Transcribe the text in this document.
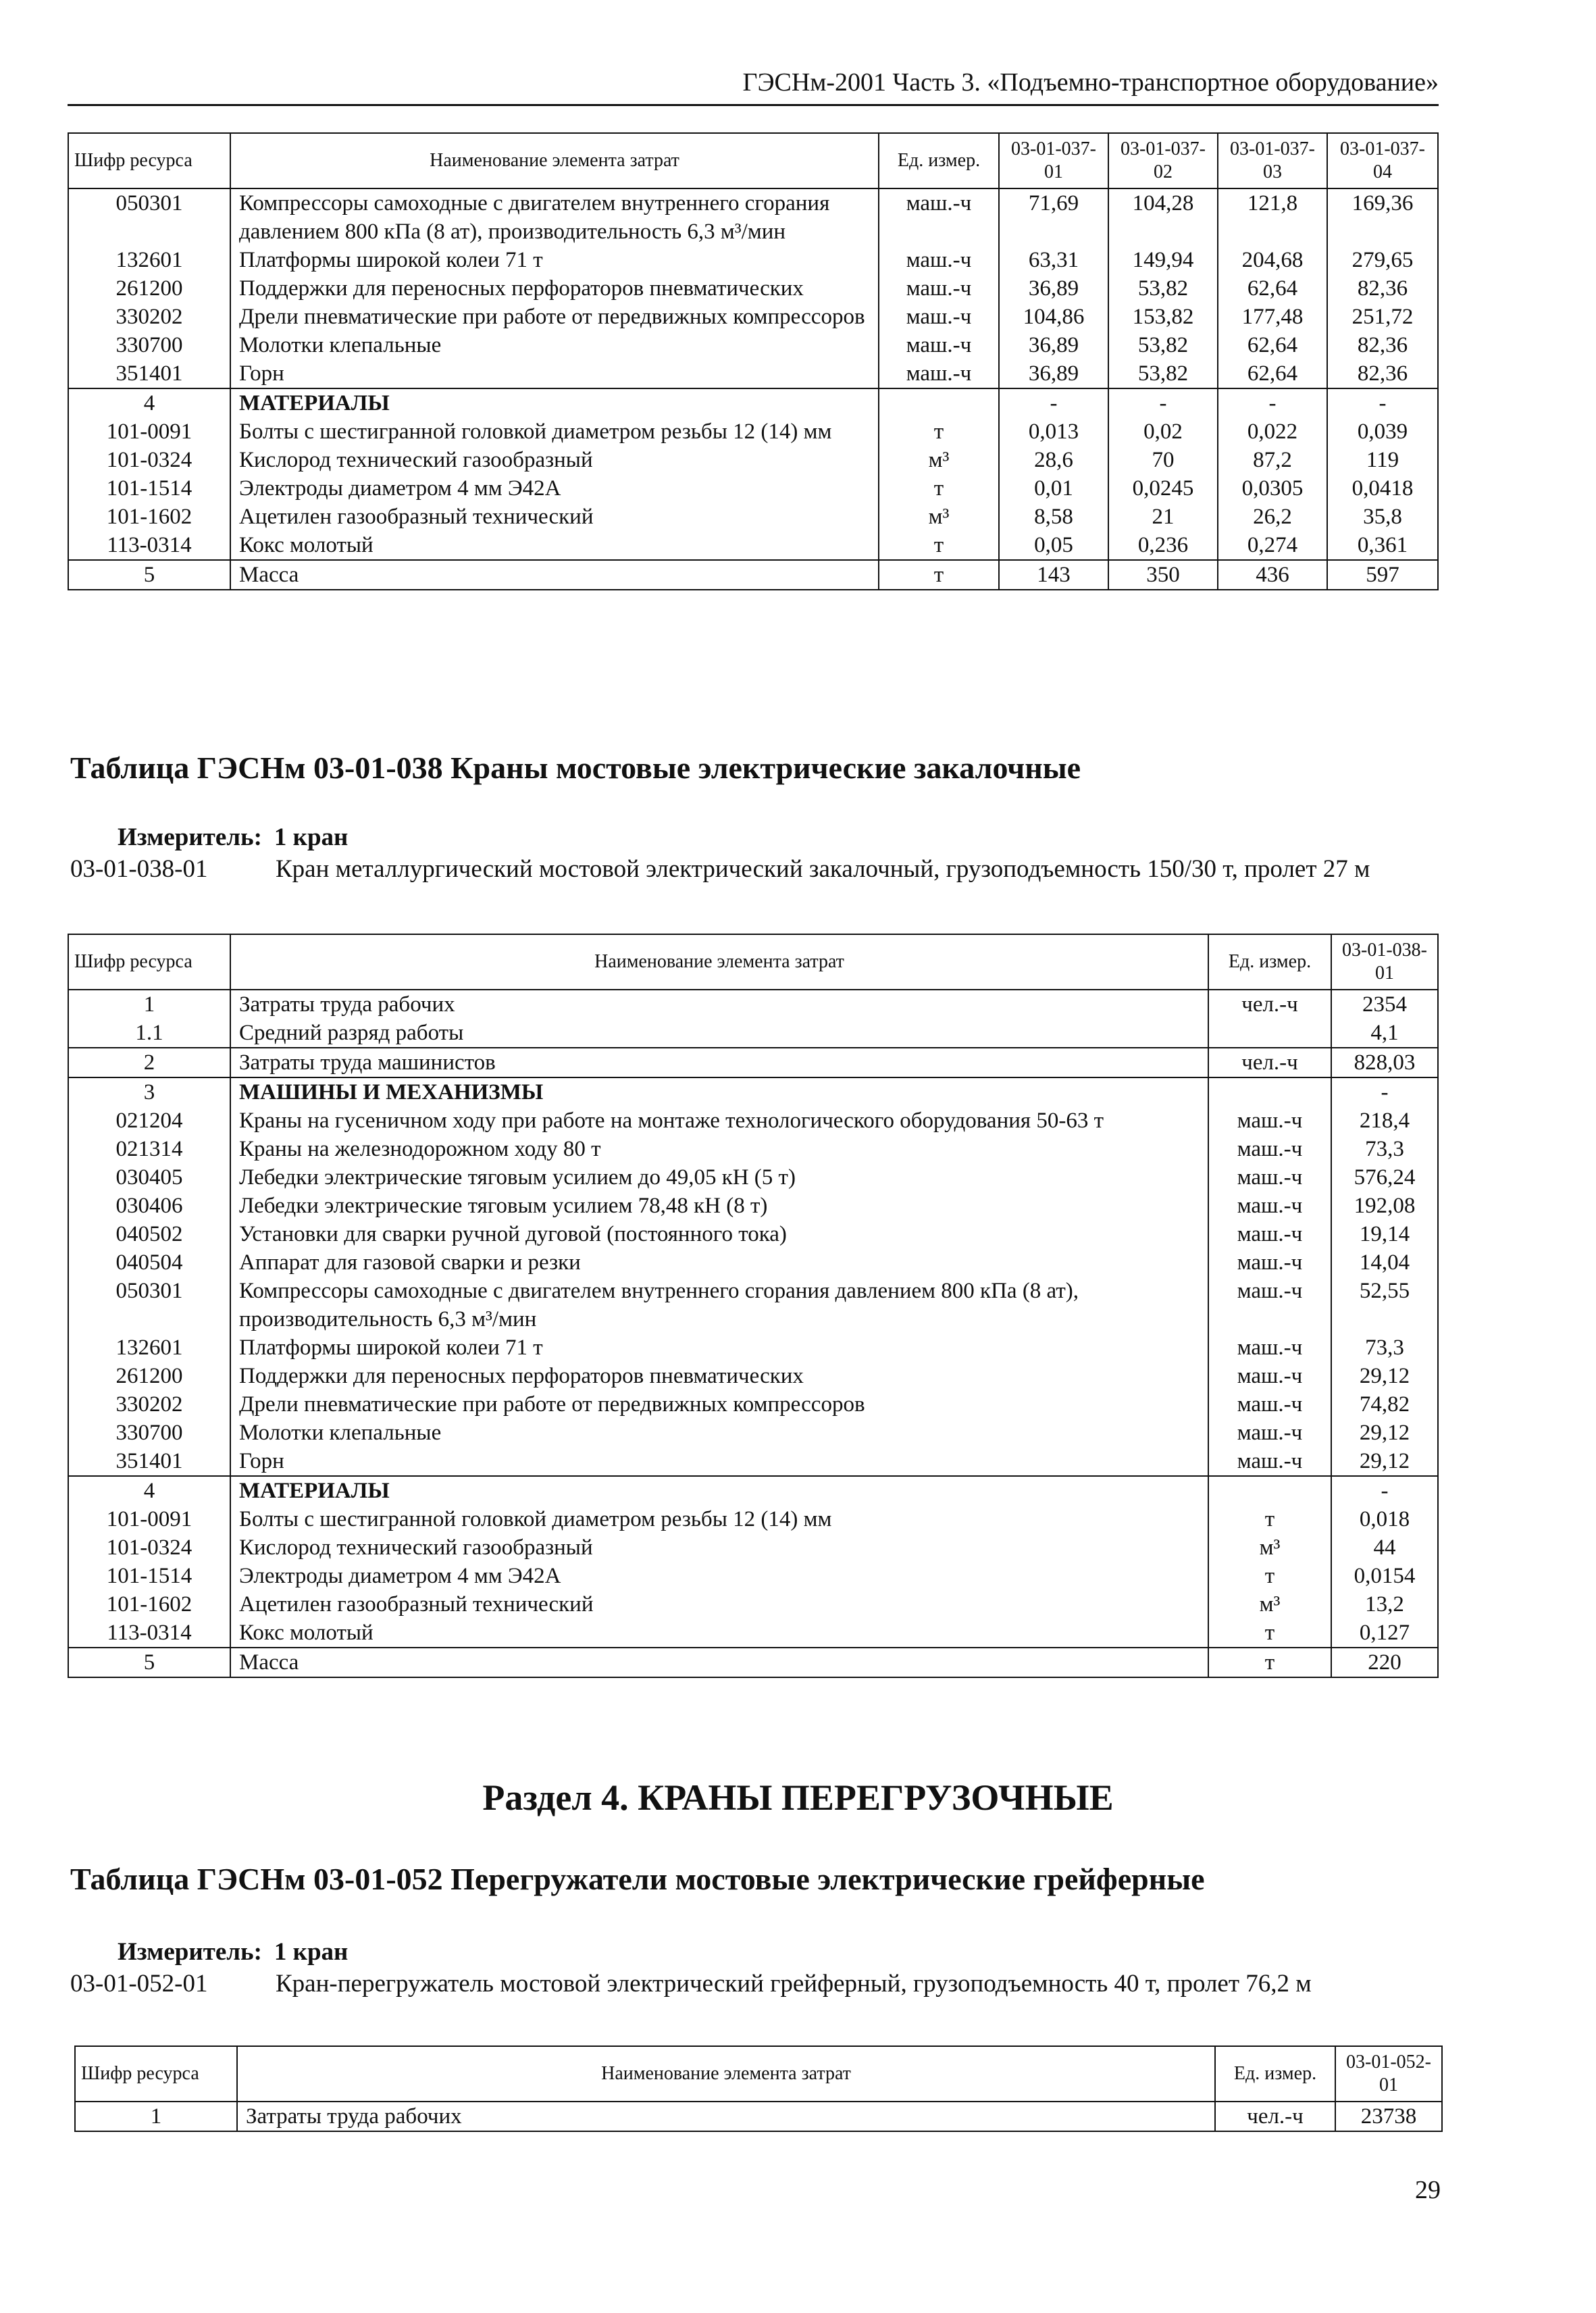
ГЭСНм-2001 Часть 3. «Подъемно-транспортное оборудование»
Шифр ресурса	Наименование элемента затрат	Ед. измер.	03-01-037-01	03-01-037-02	03-01-037-03	03-01-037-04
050301	Компрессоры самоходные с двигателем внутреннего сгорания давлением 800 кПа (8 ат), производительность 6,3 м³/мин	маш.-ч	71,69	104,28	121,8	169,36
132601	Платформы широкой колеи 71 т	маш.-ч	63,31	149,94	204,68	279,65
261200	Поддержки для переносных перфораторов пневматических	маш.-ч	36,89	53,82	62,64	82,36
330202	Дрели пневматические при работе от передвижных компрессоров	маш.-ч	104,86	153,82	177,48	251,72
330700	Молотки клепальные	маш.-ч	36,89	53,82	62,64	82,36
351401	Горн	маш.-ч	36,89	53,82	62,64	82,36
4	МАТЕРИАЛЫ		-	-	-	-
101-0091	Болты с шестигранной головкой диаметром резьбы 12 (14) мм	т	0,013	0,02	0,022	0,039
101-0324	Кислород технический газообразный	м³	28,6	70	87,2	119
101-1514	Электроды диаметром 4 мм Э42А	т	0,01	0,0245	0,0305	0,0418
101-1602	Ацетилен газообразный технический	м³	8,58	21	26,2	35,8
113-0314	Кокс молотый	т	0,05	0,236	0,274	0,361
5	Масса	т	143	350	436	597
Таблица ГЭСНм 03-01-038 Краны мостовые электрические закалочные
Измеритель: 1 кран
03-01-038-01	Кран металлургический мостовой электрический закалочный, грузоподъемность 150/30 т, пролет 27 м
Шифр ресурса	Наименование элемента затрат	Ед. измер.	03-01-038-01
1	Затраты труда рабочих	чел.-ч	2354
1.1	Средний разряд работы		4,1
2	Затраты труда машинистов	чел.-ч	828,03
3	МАШИНЫ И МЕХАНИЗМЫ		-
021204	Краны на гусеничном ходу при работе на монтаже технологического оборудования 50-63 т	маш.-ч	218,4
021314	Краны на железнодорожном ходу 80 т	маш.-ч	73,3
030405	Лебедки электрические тяговым усилием до 49,05 кН (5 т)	маш.-ч	576,24
030406	Лебедки электрические тяговым усилием 78,48 кН (8 т)	маш.-ч	192,08
040502	Установки для сварки ручной дуговой (постоянного тока)	маш.-ч	19,14
040504	Аппарат для газовой сварки и резки	маш.-ч	14,04
050301	Компрессоры самоходные с двигателем внутреннего сгорания давлением 800 кПа (8 ат), производительность 6,3 м³/мин	маш.-ч	52,55
132601	Платформы широкой колеи 71 т	маш.-ч	73,3
261200	Поддержки для переносных перфораторов пневматических	маш.-ч	29,12
330202	Дрели пневматические при работе от передвижных компрессоров	маш.-ч	74,82
330700	Молотки клепальные	маш.-ч	29,12
351401	Горн	маш.-ч	29,12
4	МАТЕРИАЛЫ		-
101-0091	Болты с шестигранной головкой диаметром резьбы 12 (14) мм	т	0,018
101-0324	Кислород технический газообразный	м³	44
101-1514	Электроды диаметром 4 мм Э42А	т	0,0154
101-1602	Ацетилен газообразный технический	м³	13,2
113-0314	Кокс молотый	т	0,127
5	Масса	т	220
Раздел 4. КРАНЫ ПЕРЕГРУЗОЧНЫЕ
Таблица ГЭСНм 03-01-052 Перегружатели мостовые электрические грейферные
Измеритель: 1 кран
03-01-052-01	Кран-перегружатель мостовой электрический грейферный, грузоподъемность 40 т, пролет 76,2 м
Шифр ресурса	Наименование элемента затрат	Ед. измер.	03-01-052-01
1	Затраты труда рабочих	чел.-ч	23738
29
